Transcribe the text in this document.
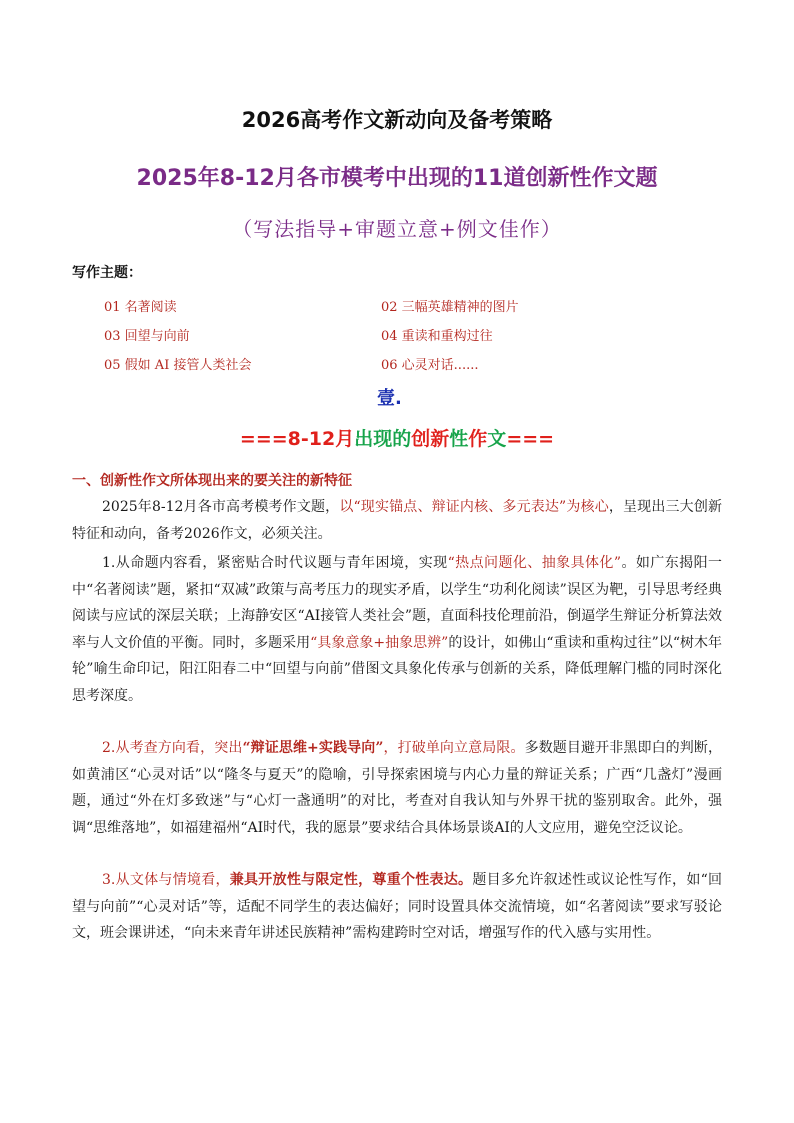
2026高考作文新动向及备考策略
2025年8-12月各市模考中出现的11道创新性作文题
（写法指导+审题立意+例文佳作）
写作主题：
01 名著阅读	02 三幅英雄精神的图片
03 回望与向前	04 重读和重构过往
05 假如 AI 接管人类社会	06 心灵对话......
壹.
===8-12月出现的创新性作文===
一、创新性作文所体现出来的要关注的新特征
2025年8-12月各市高考模考作文题，以“现实锚点、辩证内核、多元表达”为核心，呈现出三大创新特征和动向，备考2026作文，必须关注。
1.从命题内容看，紧密贴合时代议题与青年困境，实现“热点问题化、抽象具体化”。如广东揭阳一中“名著阅读”题，紧扣“双减”政策与高考压力的现实矛盾，以学生“功利化阅读”误区为靶，引导思考经典阅读与应试的深层关联；上海静安区“AI接管人类社会”题，直面科技伦理前沿，倒逼学生辩证分析算法效率与人文价值的平衡。同时，多题采用“具象意象+抽象思辨”的设计，如佛山“重读和重构过往”以“树木年轮”喻生命印记，阳江阳春二中“回望与向前”借图文具象化传承与创新的关系，降低理解门槛的同时深化思考深度。
2.从考查方向看，突出“辩证思维+实践导向”，打破单向立意局限。多数题目避开非黑即白的判断，如黄浦区“心灵对话”以“隆冬与夏天”的隐喻，引导探索困境与内心力量的辩证关系；广西“几盏灯”漫画题，通过“外在灯多致迷”与“心灯一盏通明”的对比，考查对自我认知与外界干扰的鉴别取舍。此外，强调“思维落地”，如福建福州“AI时代，我的愿景”要求结合具体场景谈AI的人文应用，避免空泛议论。
3.从文体与情境看，兼具开放性与限定性，尊重个性表达。题目多允许叙述性或议论性写作，如“回望与向前”“心灵对话”等，适配不同学生的表达偏好；同时设置具体交流情境，如“名著阅读”要求写驳论文，班会课讲述，“向未来青年讲述民族精神”需构建跨时空对话，增强写作的代入感与实用性。
